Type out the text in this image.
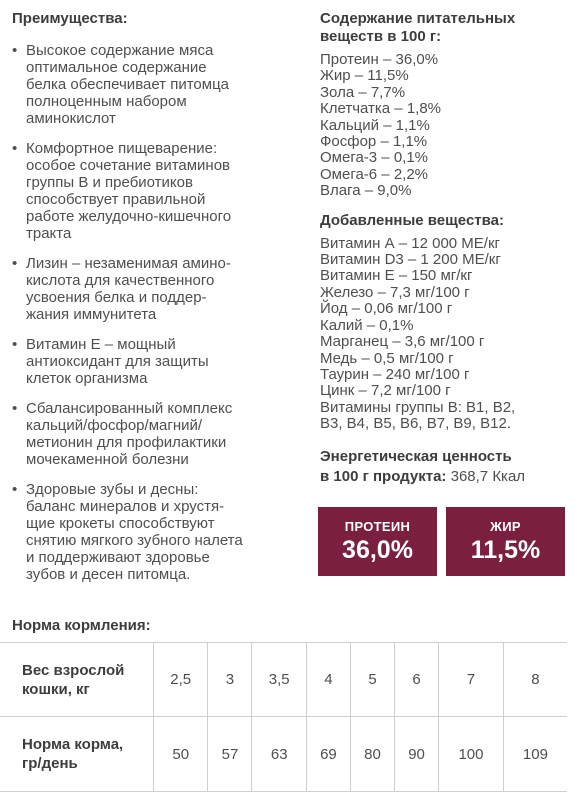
Преимущества:
• Высокое содержание мяса
оптимальное содержание
белка обеспечивает питомца
полноценным набором
аминокислот
• Комфортное пищеварение:
особое сочетание витаминов
группы В и пребиотиков
способствует правильной
работе желудочно-кишечного
тракта
• Лизин – незаменимая амино-
кислота для качественного
усвоения белка и поддер-
жания иммунитета
• Витамин Е – мощный
антиоксидант для защиты
клеток организма
• Сбалансированный комплекс
кальций/фосфор/магний/
метионин для профилактики
мочекаменной болезни
• Здоровые зубы и десны:
баланс минералов и хрустя-
щие крокеты способствуют
снятию мягкого зубного налета
и поддерживают здоровье
зубов и десен питомца.
Содержание питательных
веществ в 100 г:
Протеин – 36,0%
Жир – 11,5%
Зола – 7,7%
Клетчатка – 1,8%
Кальций – 1,1%
Фосфор – 1,1%
Омега-3 – 0,1%
Омега-6 – 2,2%
Влага – 9,0%
Добавленные вещества:
Витамин А – 12 000 МЕ/кг
Витамин D3 – 1 200 МЕ/кг
Витамин Е – 150 мг/кг
Железо – 7,3 мг/100 г
Йод – 0,06 мг/100 г
Калий – 0,1%
Марганец – 3,6 мг/100 г
Медь – 0,5 мг/100 г
Таурин – 240 мг/100 г
Цинк – 7,2 мг/100 г
Витамины группы В: В1, В2,
В3, В4, В5, В6, В7, В9, В12.
Энергетическая ценность
в 100 г продукта: 368,7 Ккал
ПРОТЕИН
36,0%
ЖИР
11,5%
Норма кормления:
Вес взрослой
кошки, кг	2,5	3	3,5	4	5	6	7	8

Норма корма,
гр/день	50	57	63	69	80	90	100	109
